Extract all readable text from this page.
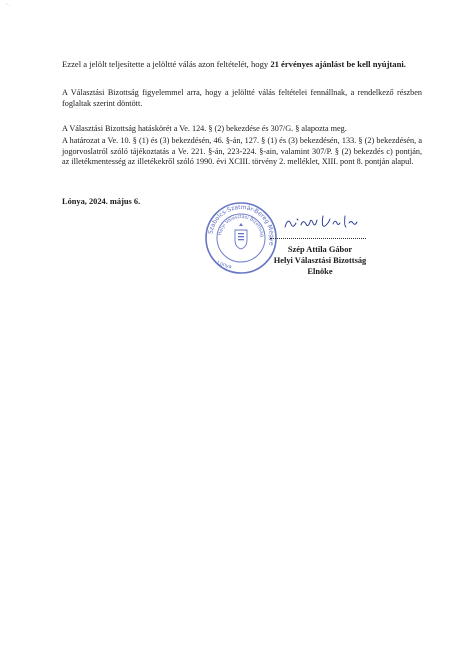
ʻ ·

Ezzel a jelölt teljesítette a jelöltté válás azon feltételét, hogy 21 érvényes ajánlást be kell nyújtani.

A Választási Bizottság figyelemmel arra, hogy a jelöltté válás feltételei fennállnak, a rendelkező részben foglaltak szerint döntött.

A Választási Bizottság hatáskörét a Ve. 124. § (2) bekezdése és 307/G. § alapozta meg.

A határozat a Ve. 10. § (1) és (3) bekezdésén, 46. §-án, 127. § (1) és (3) bekezdésén, 133. § (2) bekezdésén, a jogorvoslatról szóló tájékoztatás a Ve. 221. §-án, 223-224. §-ain, valamint 307/P. § (2) bekezdés c) pontján, az illetékmentesség az illetékekről szóló 1990. évi XCIII. törvény 2. melléklet, XIII. pont 8. pontján alapul.

Lónya, 2024. május 6.
Szabolcs-Szatmár-Bereg Megye
Helyi Választási Bizottság
Lónya
Szép Attila Gábor
Helyi Választási Bizottság
Elnöke
